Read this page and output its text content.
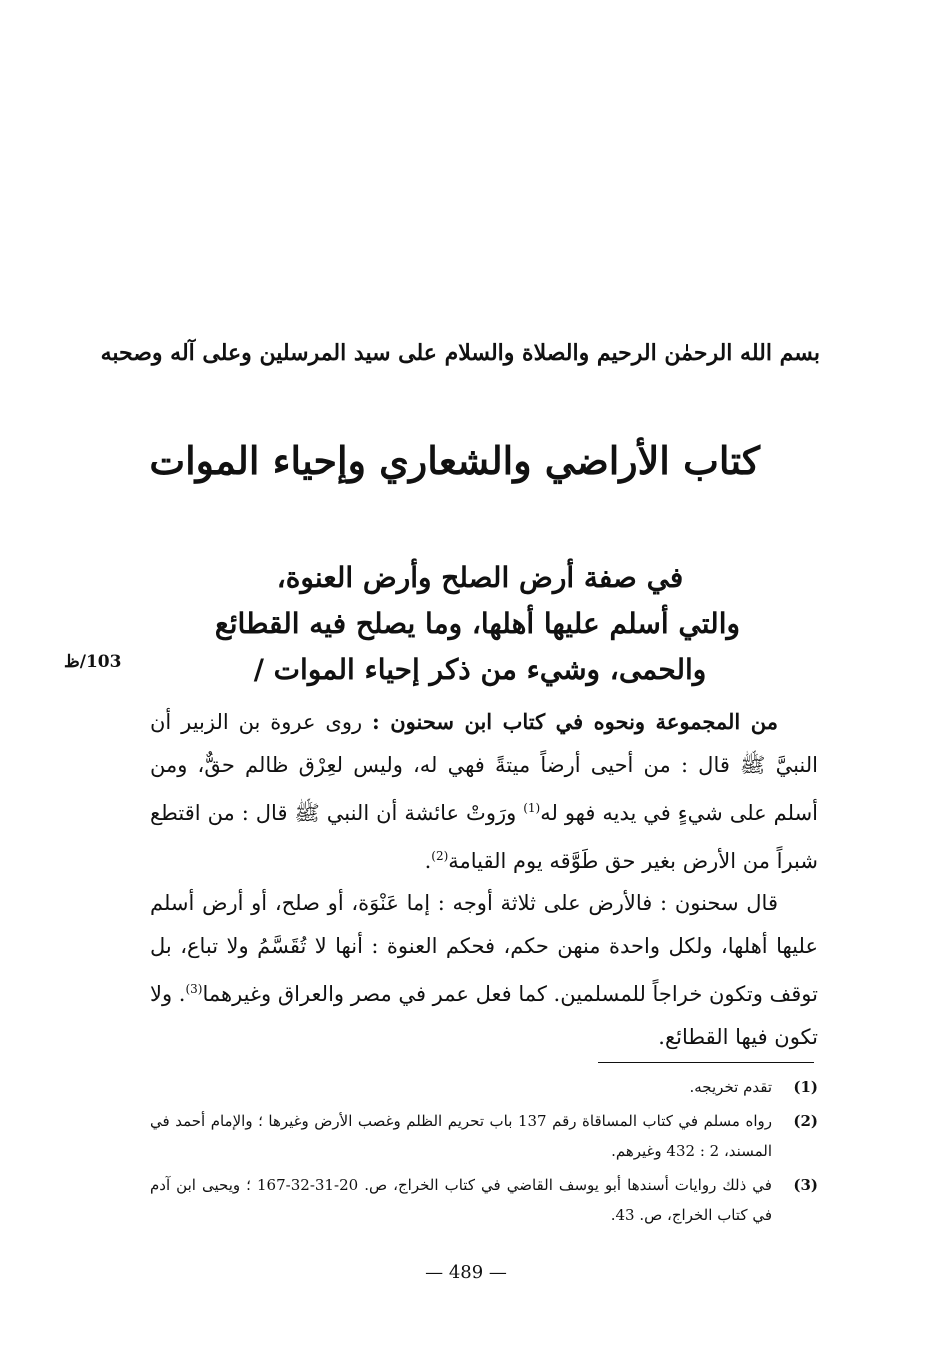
بسم الله الرحمٰن الرحيم والصلاة والسلام على سيد المرسلين وعلى آله وصحبه
كتاب الأراضي والشعاري وإحياء الموات
في صفة أرض الصلح وأرض العنوة،
والتي أسلم عليها أهلها، وما يصلح فيه القطائع
والحمى، وشيء من ذكر إحياء الموات /
103/ظ
من المجموعة ونحوه في كتاب ابن سحنون : روى عروة بن الزبير أن النبيَّ ﷺ قال : من أحيى أرضاً ميتةً فهي له، وليس لعِرْق ظالم حقٌّ، ومن أسلم على شيءٍ في يديه فهو له$^{(1)}$ ورَوتْ عائشة أن النبي ﷺ قال : من اقتطع شبراً من الأرض بغير حق طَوَّقه يوم القيامة$^{(2)}$.
قال سحنون : فالأرض على ثلاثة أوجه : إما عَنْوَة، أو صلح، أو أرض أسلم عليها أهلها، ولكل واحدة منهن حكم، فحكم العنوة : أنها لا تُقَسَّمُ ولا تباع، بل توقف وتكون خراجاً للمسلمين. كما فعل عمر في مصر والعراق وغيرهما$^{(3)}$. ولا تكون فيها القطائع.
(1)
تقدم تخريجه.
(2)
رواه مسلم في كتاب المساقاة رقم 137 باب تحريم الظلم وغصب الأرض وغيرها ؛ والإمام أحمد في المسند، 2 : 432 وغيرهم.
(3)
في ذلك روايات أسندها أبو يوسف القاضي في كتاب الخراج، ص. 20-31-32-167 ؛ ويحيى ابن آدم في كتاب الخراج، ص. 43.
— 489 —
